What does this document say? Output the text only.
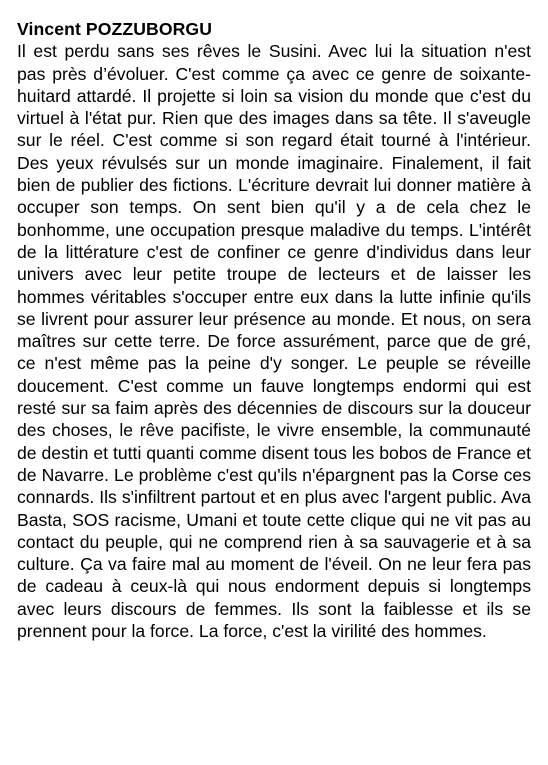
Vincent POZZUBORGU

Il est perdu sans ses rêves le Susini. Avec lui la situation n'est pas près d’évoluer. C'est comme ça avec ce genre de soixante-huitard attardé. Il projette si loin sa vision du monde que c'est du virtuel à l'état pur. Rien que des images dans sa tête. Il s'aveugle sur le réel. C'est comme si son regard était tourné à l'intérieur. Des yeux révulsés sur un monde imaginaire. Finalement, il fait bien de publier des fictions. L'écriture devrait lui donner matière à occuper son temps. On sent bien qu'il y a de cela chez le bonhomme, une occupation presque maladive du temps. L'intérêt de la littérature c'est de confiner ce genre d'individus dans leur univers avec leur petite troupe de lecteurs et de laisser les hommes véritables s'occuper entre eux dans la lutte infinie qu'ils se livrent pour assurer leur présence au monde. Et nous, on sera maîtres sur cette terre. De force assurément, parce que de gré, ce n'est même pas la peine d'y songer. Le peuple se réveille doucement. C'est comme un fauve longtemps endormi qui est resté sur sa faim après des décennies de discours sur la douceur des choses, le rêve pacifiste, le vivre ensemble, la communauté de destin et tutti quanti comme disent tous les bobos de France et de Navarre. Le problème c'est qu'ils n'épargnent pas la Corse ces connards. Ils s'infiltrent partout et en plus avec l'argent public. Ava Basta, SOS racisme, Umani et toute cette clique qui ne vit pas au contact du peuple, qui ne comprend rien à sa sauvagerie et à sa culture. Ça va faire mal au moment de l'éveil. On ne leur fera pas de cadeau à ceux-là qui nous endorment depuis si longtemps avec leurs discours de femmes. Ils sont la faiblesse et ils se prennent pour la force. La force, c'est la virilité des hommes.
